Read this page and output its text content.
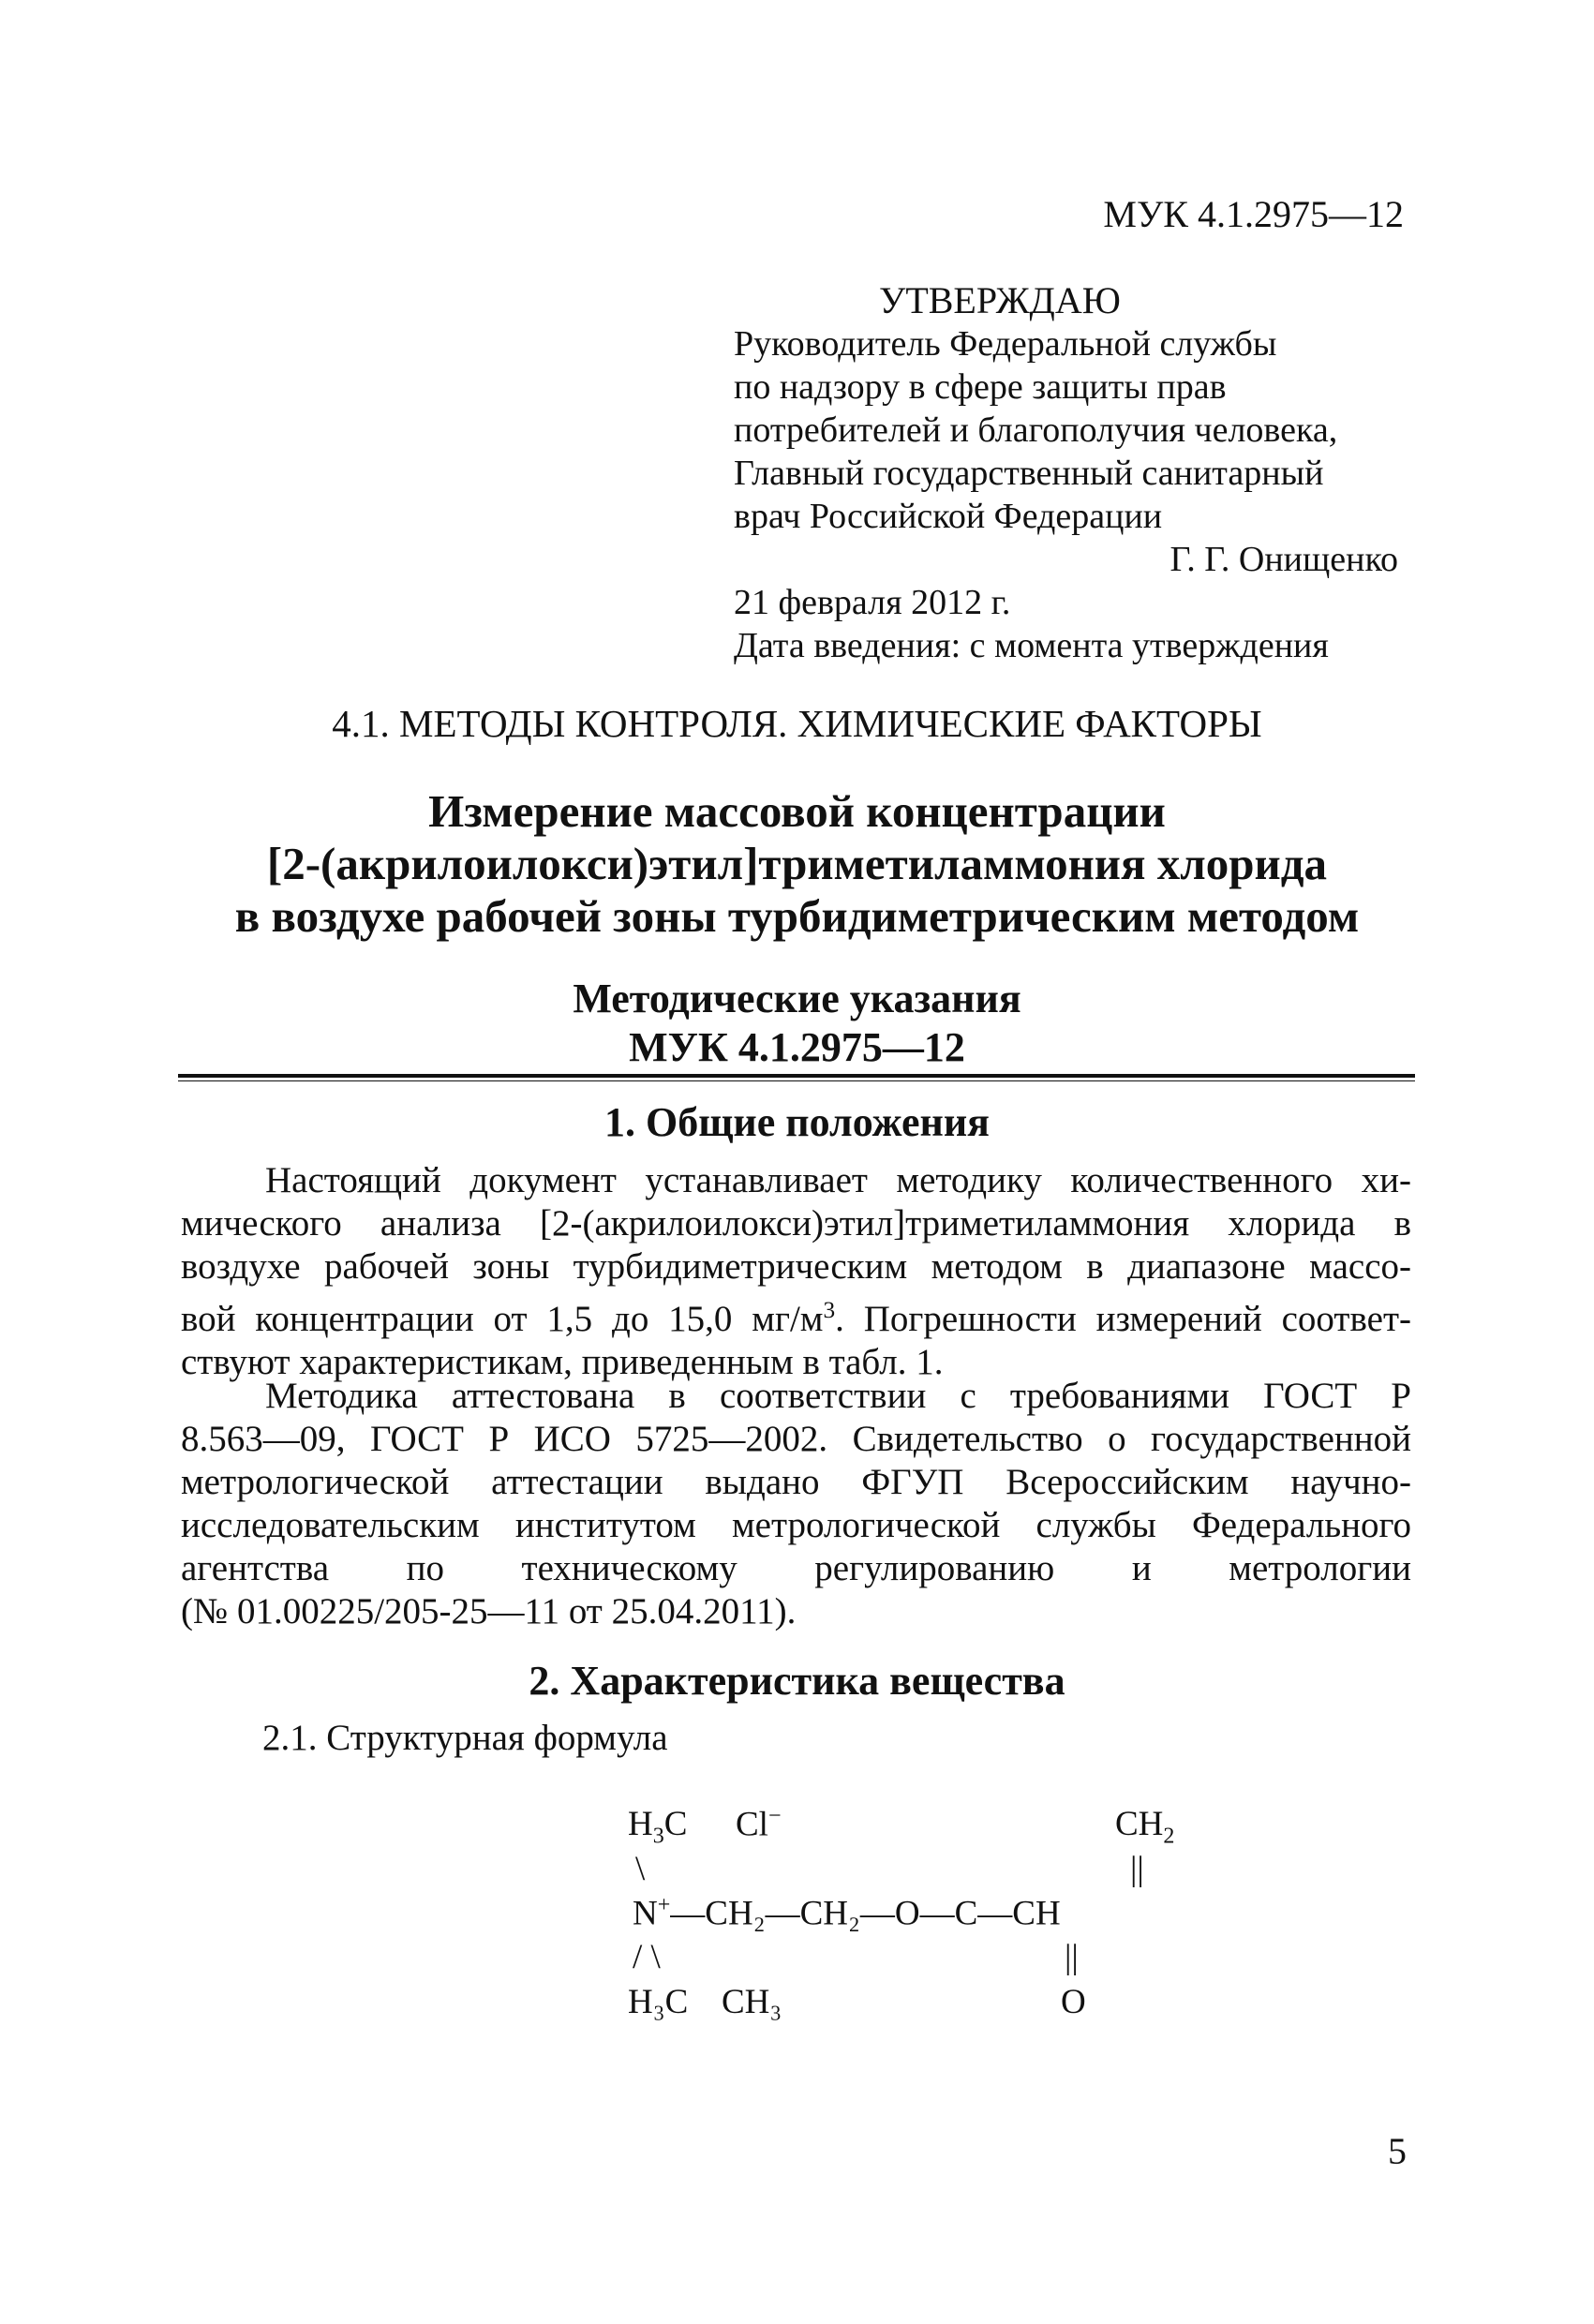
МУК 4.1.2975—12
УТВЕРЖДАЮ
Руководитель Федеральной службы
по надзору в сфере защиты прав
потребителей и благополучия человека,
Главный государственный санитарный
врач Российской Федерации
Г. Г. Онищенко
21 февраля 2012 г.
Дата введения: с момента утверждения
4.1. МЕТОДЫ КОНТРОЛЯ. ХИМИЧЕСКИЕ ФАКТОРЫ
Измерение массовой концентрации
[2-(акрилоилокси)этил]триметиламмония хлорида
в воздухе рабочей зоны турбидиметрическим методом
Методические указания
МУК 4.1.2975—12
1. Общие положения
Настоящий документ устанавливает методику количественного хи-
мического анализа [2-(акрилоилокси)этил]триметиламмония хлорида в
воздухе рабочей зоны турбидиметрическим методом в диапазоне массо-
вой концентрации от 1,5 до 15,0 $мг/м^3$. Погрешности измерений соответ-
ствуют характеристикам, приведенным в табл. 1.
Методика аттестована в соответствии с требованиями ГОСТ Р
8.563—09, ГОСТ Р ИСО 5725—2002. Свидетельство о государственной
метрологической аттестации выдано ФГУП Всероссийским научно-
исследовательским институтом метрологической службы Федерального
агентства по техническому регулированию и метрологии
(№ 01.00225/205-25—11 от 25.04.2011).
2. Характеристика вещества
2.1. Структурная формула
$H_3C$ Cl−	$CH_2$
\	||
N+—CH₂—CH₂—O—C—CH
/ \	||
H₃C CH₃	O
5
